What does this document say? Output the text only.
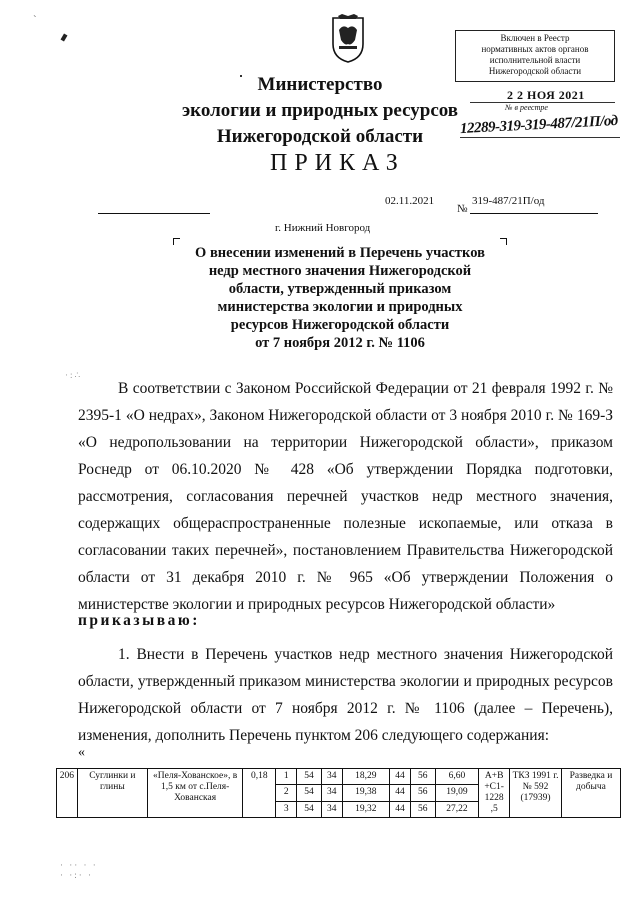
`
Министерство
экологии и природных ресурсов
Нижегородской области
Включен в Реестр
нормативных актов органов
исполнительной власти
Нижегородской области
2 2 НОЯ 2021
№ в реестре
12289-319-319-487/21П/од
ПРИКАЗ
02.11.2021	319-487/21П/од
№
г. Нижний Новгород
О внесении изменений в Перечень участков
недр местного значения Нижегородской
области, утвержденный приказом
министерства экологии и природных
ресурсов Нижегородской области
от 7 ноября 2012 г. № 1106
·:∴
В соответствии с Законом Российской Федерации от 21 февраля 1992 г. № 2395-1 «О недрах», Законом Нижегородской области от 3 ноября 2010 г. № 169-З «О недропользовании на территории Нижегородской области», приказом Роснедр от 06.10.2020 № 428 «Об утверждении Порядка подготовки, рассмотрения, согласования перечней участков недр местного значения, содержащих общераспространенные полезные ископаемые, или отказа в согласовании таких перечней», постановлением Правительства Нижегородской области от 31 декабря 2010 г. № 965 «Об утверждении Положения о министерстве экологии и природных ресурсов Нижегородской области»
приказываю:
1. Внести в Перечень участков недр местного значения Нижегородской области, утвержденный приказом министерства экологии и природных ресурсов Нижегородской области от 7 ноября 2012 г. № 1106 (далее – Перечень), изменения, дополнить Перечень пунктом 206 следующего содержания:
«
206	Суглинки и глины	«Пеля-Хованское», в 1,5 км от с.Пеля-Хованская	0,18	1	54	34	18,29	44	56	6,60	А+В +С1- 1228 ,5	ТКЗ 1991 г. № 592 (17939)	Разведка и добыча
				2	54	34	19,38	44	56	19,09			
				3	54	34	19,32	44	56	27,22			
· ·· · ·
· ·:· ·
